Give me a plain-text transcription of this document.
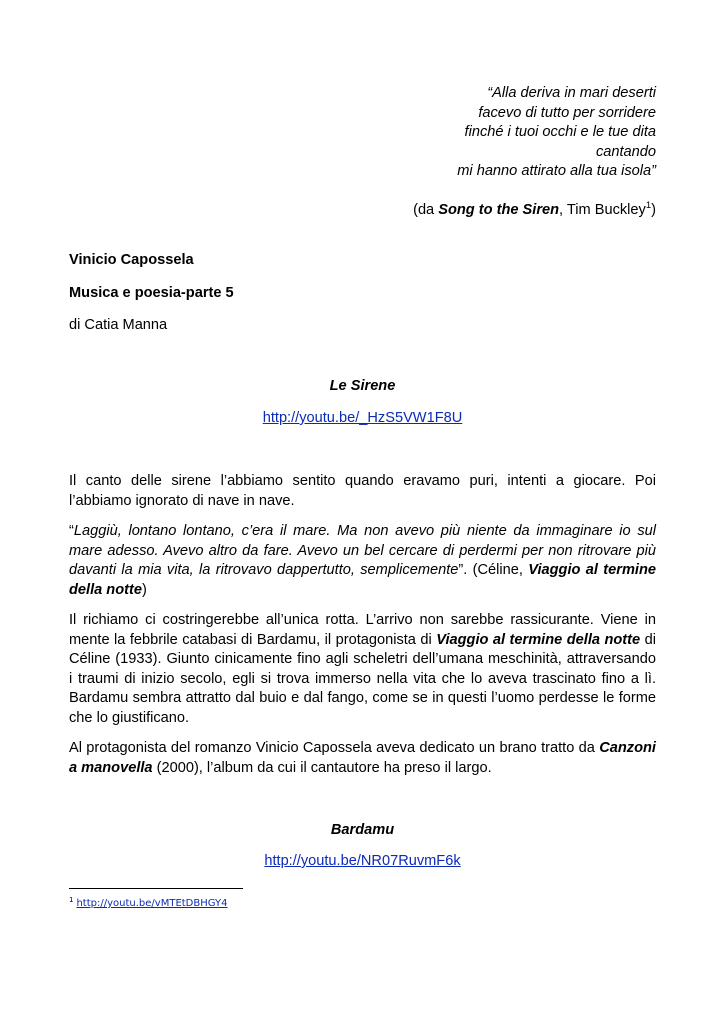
“Alla deriva in mari deserti
facevo di tutto per sorridere
finché i tuoi occhi e le tue dita
cantando
mi hanno attirato alla tua isola”
(da Song to the Siren, Tim Buckley$^1$)
Vinicio Capossela
Musica e poesia-parte 5
di Catia Manna
Le Sirene
http://youtu.be/_HzS5VW1F8U
Il canto delle sirene l’abbiamo sentito quando eravamo puri, intenti a giocare. Poi
l’abbiamo ignorato di nave in nave.
“Laggiù, lontano lontano, c’era il mare. Ma non avevo più niente da immaginare io sul
mare adesso. Avevo altro da fare. Avevo un bel cercare di perdermi per non ritrovare più
davanti la mia vita, la ritrovavo dappertutto, semplicemente”. (Céline, Viaggio al termine
della notte)
Il richiamo ci costringerebbe all’unica rotta. L’arrivo non sarebbe rassicurante. Viene in
mente la febbrile catabasi di Bardamu, il protagonista di Viaggio al termine della notte di
Céline (1933). Giunto cinicamente fino agli scheletri dell’umana meschinità, attraversando
i traumi di inizio secolo, egli si trova immerso nella vita che lo aveva trascinato fino a lì.
Bardamu sembra attratto dal buio e dal fango, come se in questi l’uomo perdesse le forme
che lo giustificano.
Al protagonista del romanzo Vinicio Capossela aveva dedicato un brano tratto da Canzoni
a manovella (2000), l’album da cui il cantautore ha preso il largo.
Bardamu
http://youtu.be/NR07RuvmF6k
$^1$ http://youtu.be/vMTEtDBHGY4
